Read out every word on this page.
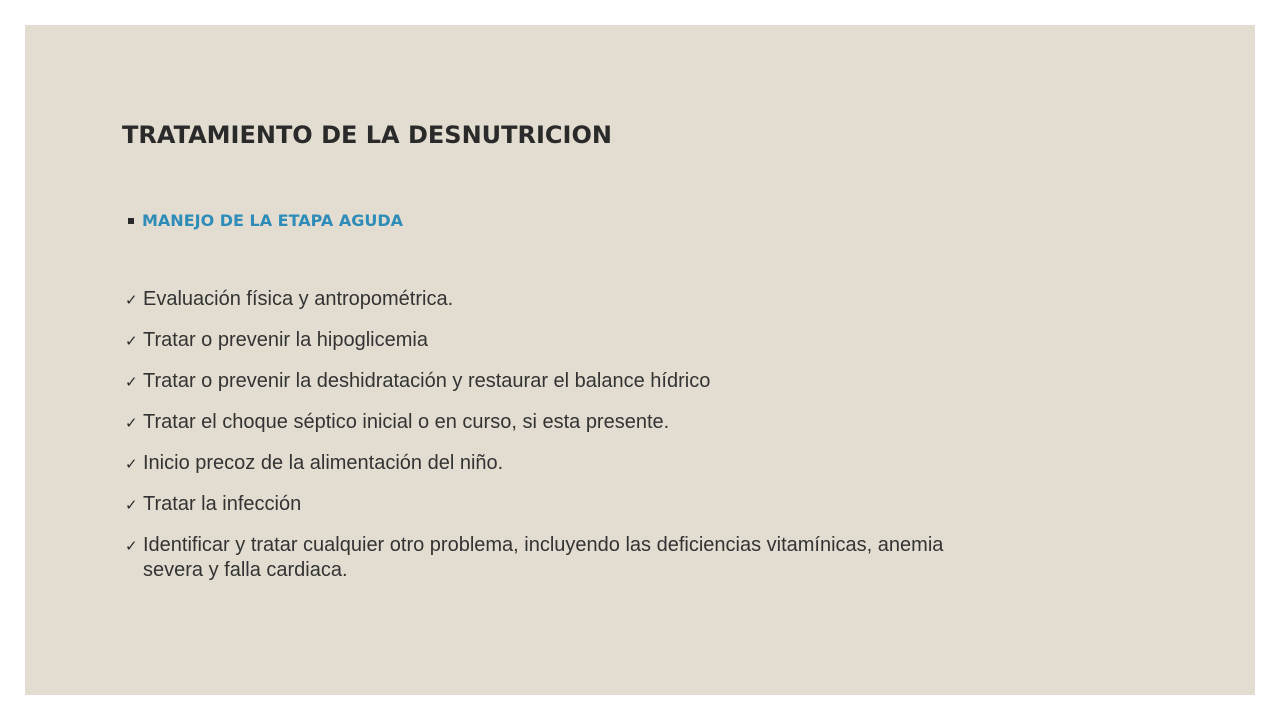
TRATAMIENTO DE LA DESNUTRICION
MANEJO DE LA ETAPA AGUDA
✓ Evaluación física y antropométrica.
✓ Tratar o prevenir la hipoglicemia
✓ Tratar o prevenir la deshidratación y restaurar el balance hídrico
✓ Tratar el choque séptico inicial o en curso, si esta presente.
✓ Inicio precoz de la alimentación del niño.
✓ Tratar la infección
✓ Identificar y tratar cualquier otro problema, incluyendo las deficiencias vitamínicas, anemia severa y falla cardiaca.
